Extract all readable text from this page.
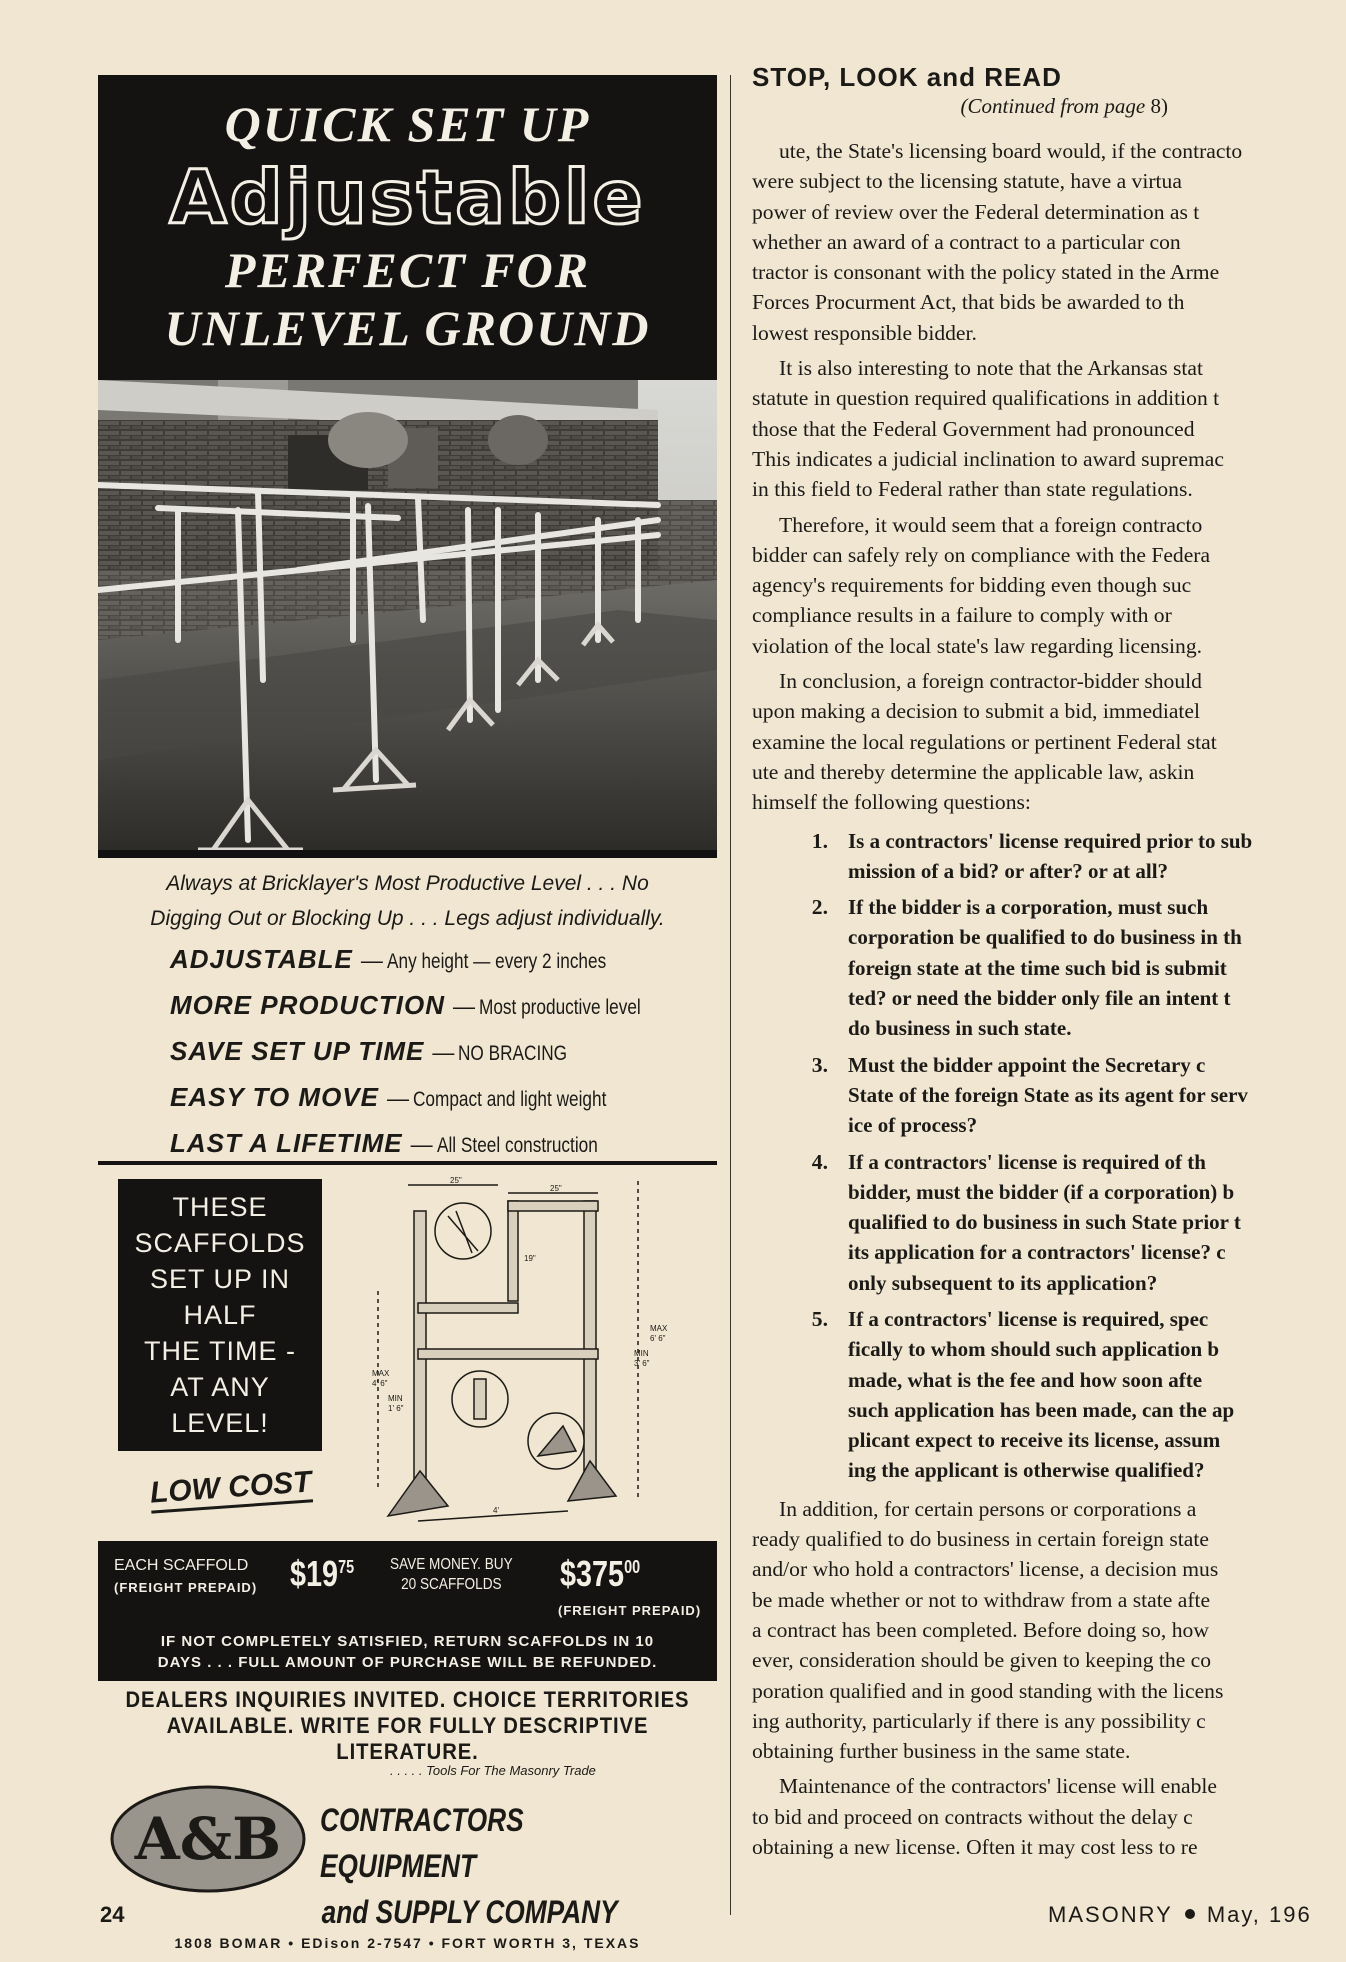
QUICK SET UP
Adjustable
PERFECT FOR
UNLEVEL GROUND
Always at Bricklayer's Most Productive Level . . . No
Digging Out or Blocking Up . . . Legs adjust individually.
ADJUSTABLE — Any height — every 2 inches
MORE PRODUCTION — Most productive level
SAVE SET UP TIME — NO BRACING
EASY TO MOVE — Compact and light weight
LAST A LIFETIME — All Steel construction
THESE
SCAFFOLDS
SET UP IN
HALF
THE TIME -
AT ANY
LEVEL!
LOW COST
25"
25"
19"
MAX
4' 6"
MIN
1' 6"
MAX
6' 6"
MIN
3' 6"
4'
EACH SCAFFOLD
(FREIGHT PREPAID) $\$19^{75}$ SAVE MONEY. BUY
20 SCAFFOLDS	$\$375^{00}$
(FREIGHT PREPAID)
IF NOT COMPLETELY SATISFIED, RETURN SCAFFOLDS IN 10
DAYS . . . FULL AMOUNT OF PURCHASE WILL BE REFUNDED.
DEALERS INQUIRIES INVITED. CHOICE TERRITORIES
AVAILABLE. WRITE FOR FULLY DESCRIPTIVE LITERATURE.
. . . . . Tools For The Masonry Trade
A&B CONTRACTORS EQUIPMENT
and SUPPLY COMPANY
1808 BOMAR • EDison 2-7547 • FORT WORTH 3, TEXAS
STOP, LOOK and READ
(Continued from page 8)

ute, the State's licensing board would, if the contracto

were subject to the licensing statute, have a virtua

power of review over the Federal determination as t

whether an award of a contract to a particular con

tractor is consonant with the policy stated in the Arme

Forces Procurment Act, that bids be awarded to th

lowest responsible bidder.

It is also interesting to note that the Arkansas stat

statute in question required qualifications in addition t

those that the Federal Government had pronounced

This indicates a judicial inclination to award supremac

in this field to Federal rather than state regulations.

Therefore, it would seem that a foreign contracto

bidder can safely rely on compliance with the Federa

agency's requirements for bidding even though suc

compliance results in a failure to comply with or

violation of the local state's law regarding licensing.

In conclusion, a foreign contractor-bidder should

upon making a decision to submit a bid, immediatel

examine the local regulations or pertinent Federal stat

ute and thereby determine the applicable law, askin

himself the following questions:

1. Is a contractors' license required prior to sub
mission of a bid? or after? or at all?
2. If the bidder is a corporation, must such
corporation be qualified to do business in th
foreign state at the time such bid is submit
ted? or need the bidder only file an intent t
do business in such state.
3. Must the bidder appoint the Secretary c
State of the foreign State as its agent for serv
ice of process?
4. If a contractors' license is required of th
bidder, must the bidder (if a corporation) b
qualified to do business in such State prior t
its application for a contractors' license? c
only subsequent to its application?
5. If a contractors' license is required, spec
fically to whom should such application b
made, what is the fee and how soon afte
such application has been made, can the ap
plicant expect to receive its license, assum
ing the applicant is otherwise qualified?

In addition, for certain persons or corporations a

ready qualified to do business in certain foreign state

and/or who hold a contractors' license, a decision mus

be made whether or not to withdraw from a state afte

a contract has been completed. Before doing so, how

ever, consideration should be given to keeping the co

poration qualified and in good standing with the licens

ing authority, particularly if there is any possibility c

obtaining further business in the same state.

Maintenance of the contractors' license will enable

to bid and proceed on contracts without the delay c

obtaining a new license. Often it may cost less to re

24	MASONRY May, 196
